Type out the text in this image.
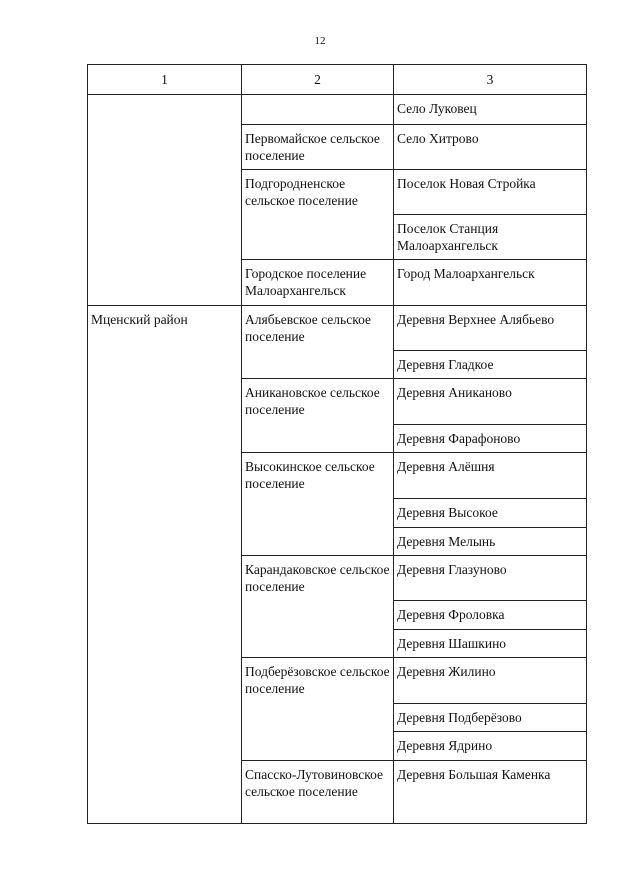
12
1	2	3
		Село Луковец
	Первомайское сельское поселение	Село Хитрово
	Подгородненское сельское поселение	Поселок Новая Стройка
		Поселок Станция Малоархангельск
	Городское поселение Малоархангельск	Город Малоархангельск
Мценский район	Алябьевское сельское поселение	Деревня Верхнее Алябьево
		Деревня Гладкое
	Аникановское сельское поселение	Деревня Аниканово
		Деревня Фарафоново
	Высокинское сельское поселение	Деревня Алёшня
		Деревня Высокое
		Деревня Мелынь
	Карандаковское сельское поселение	Деревня Глазуново
		Деревня Фроловка
		Деревня Шашкино
	Подберёзовское сельское поселение	Деревня Жилино
		Деревня Подберёзово
		Деревня Ядрино
	Спасско-Лутовиновское сельское поселение	Деревня Большая Каменка
